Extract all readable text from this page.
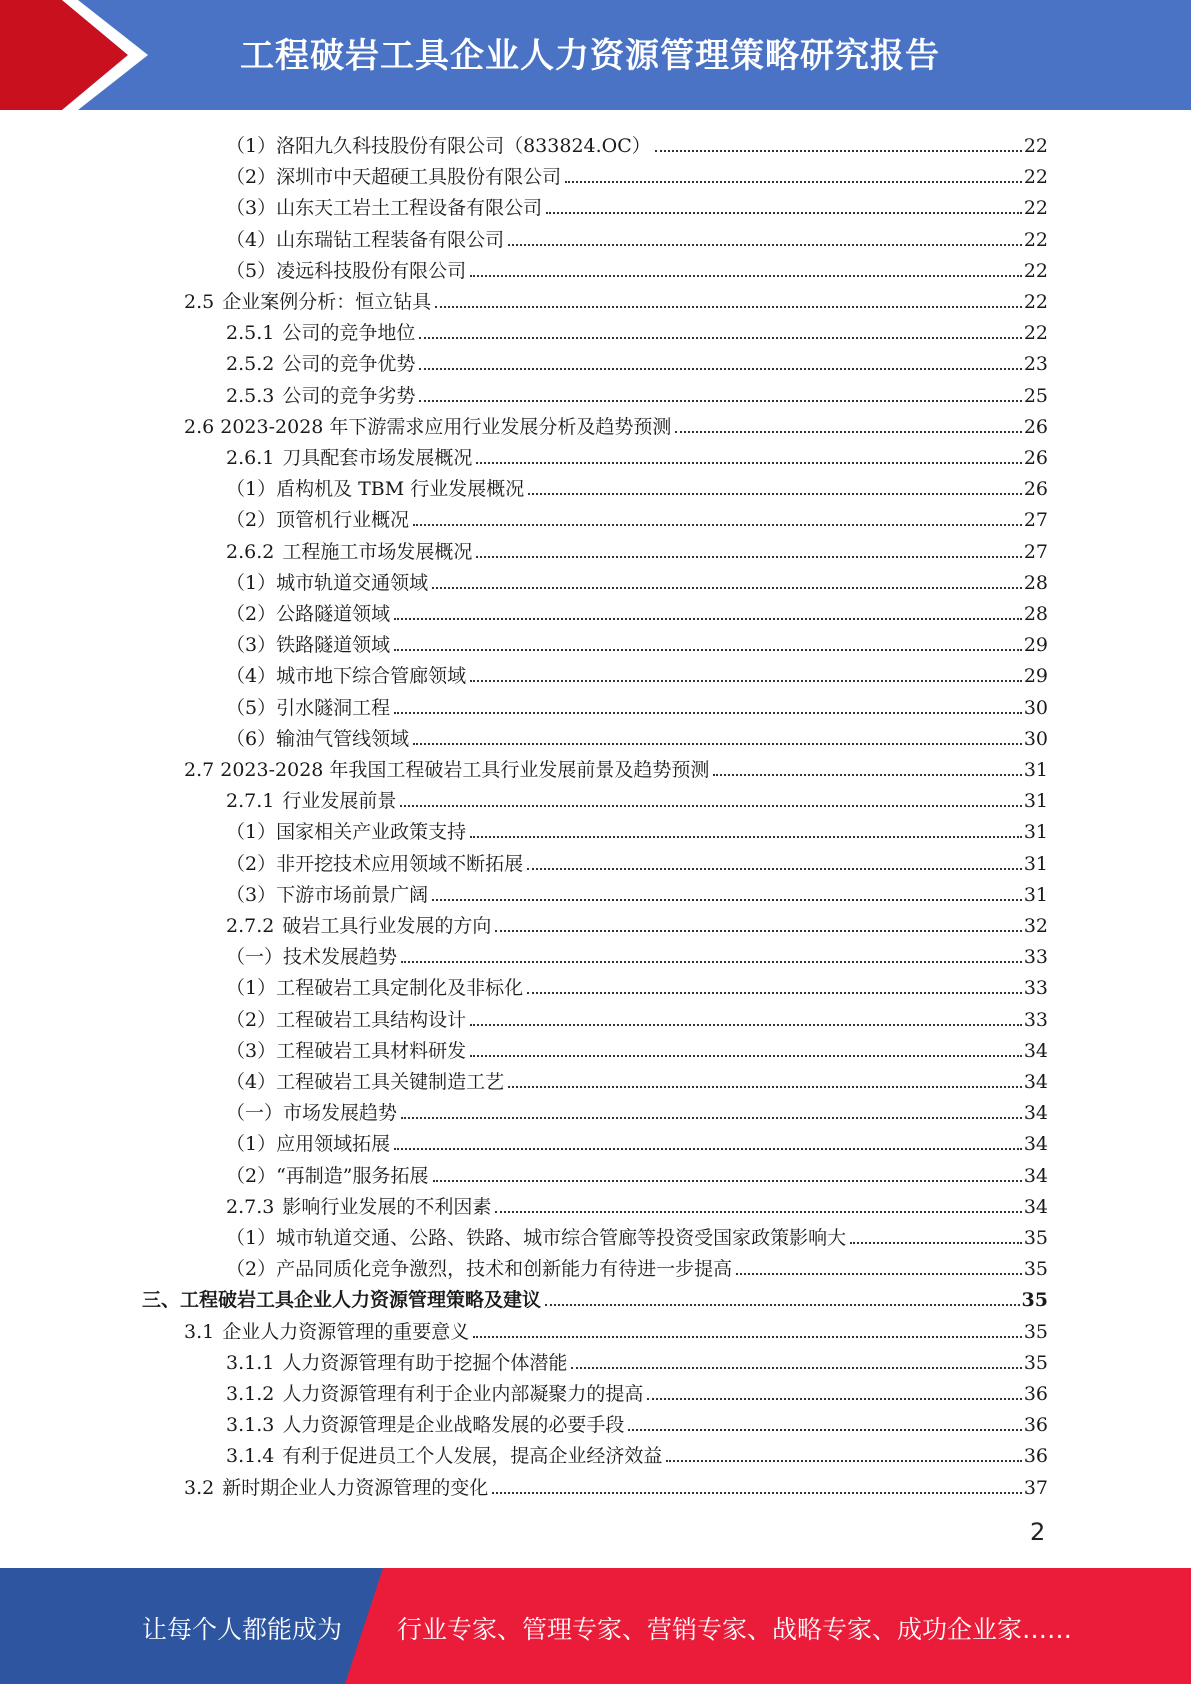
工程破岩工具企业人力资源管理策略研究报告
（1）洛阳九久科技股份有限公司（833824.OC）	22
（2）深圳市中天超硬工具股份有限公司	22
（3）山东天工岩土工程设备有限公司	22
（4）山东瑞钻工程装备有限公司	22
（5）凌远科技股份有限公司	22
2.5 企业案例分析：恒立钻具	22
2.5.1 公司的竞争地位	22
2.5.2 公司的竞争优势	23
2.5.3 公司的竞争劣势	25
2.6 2023-2028 年下游需求应用行业发展分析及趋势预测	26
2.6.1 刀具配套市场发展概况	26
（1）盾构机及 TBM 行业发展概况	26
（2）顶管机行业概况	27
2.6.2 工程施工市场发展概况	27
（1）城市轨道交通领域	28
（2）公路隧道领域	28
（3）铁路隧道领域	29
（4）城市地下综合管廊领域	29
（5）引水隧洞工程	30
（6）输油气管线领域	30
2.7 2023-2028 年我国工程破岩工具行业发展前景及趋势预测	31
2.7.1 行业发展前景	31
（1）国家相关产业政策支持	31
（2）非开挖技术应用领域不断拓展	31
（3）下游市场前景广阔	31
2.7.2 破岩工具行业发展的方向	32
（一）技术发展趋势	33
（1）工程破岩工具定制化及非标化	33
（2）工程破岩工具结构设计	33
（3）工程破岩工具材料研发	34
（4）工程破岩工具关键制造工艺	34
（一）市场发展趋势	34
（1）应用领域拓展	34
（2）“再制造”服务拓展	34
2.7.3 影响行业发展的不利因素	34
（1）城市轨道交通、公路、铁路、城市综合管廊等投资受国家政策影响大	35
（2）产品同质化竞争激烈，技术和创新能力有待进一步提高	35
三、工程破岩工具企业人力资源管理策略及建议	35
3.1 企业人力资源管理的重要意义	35
3.1.1 人力资源管理有助于挖掘个体潜能	35
3.1.2 人力资源管理有利于企业内部凝聚力的提高	36
3.1.3 人力资源管理是企业战略发展的必要手段	36
3.1.4 有利于促进员工个人发展，提高企业经济效益	36
3.2 新时期企业人力资源管理的变化	37
2
让每个人都能成为 行业专家、管理专家、营销专家、战略专家、成功企业家……
